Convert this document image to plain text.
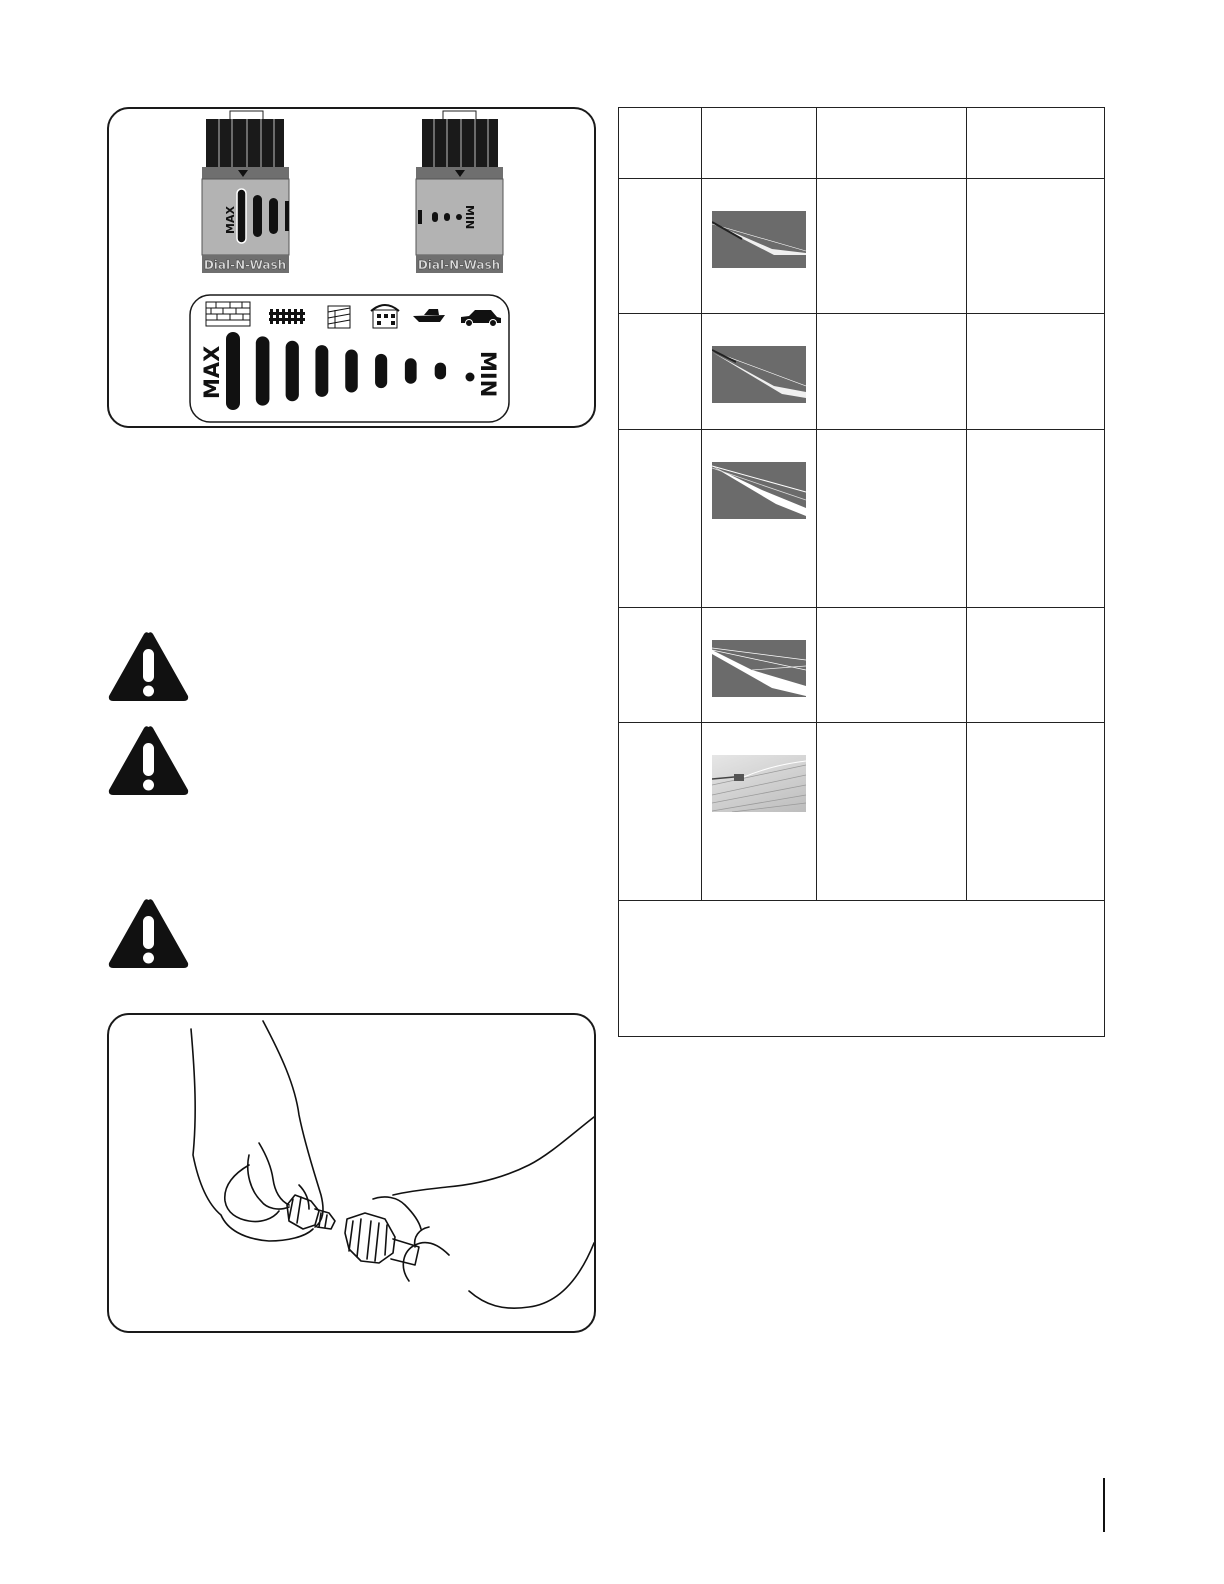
MAX
Dial-N-Wash
MIN
Dial-N-Wash
MAX	MIN
